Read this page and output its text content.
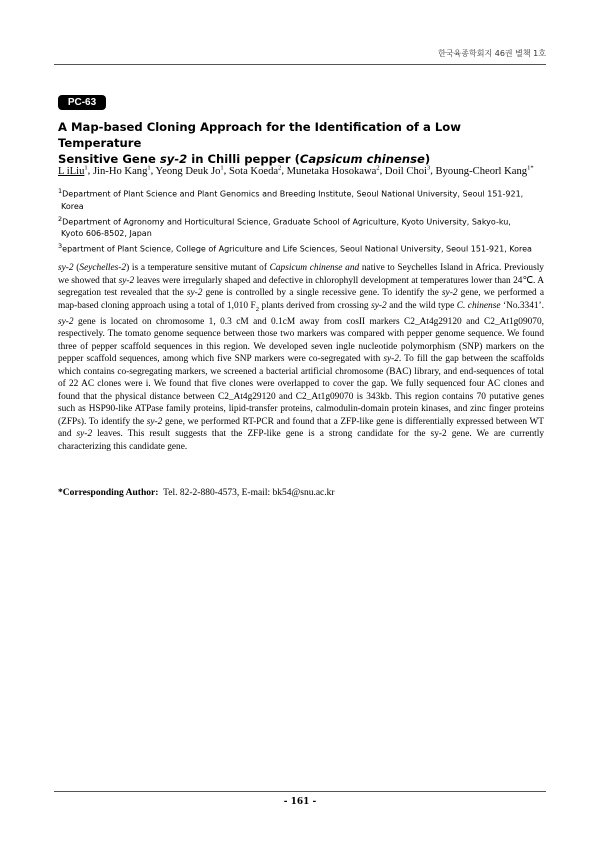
한국육종학회지 46권 별책 1호
PC-63
A Map-based Cloning Approach for the Identification of a Low Temperature
Sensitive Gene sy-2 in Chilli pepper (Capsicum chinense)
L iLiu$^1$, Jin-Ho Kang$^1$, Yeong Deuk Jo$^1$, Sota Koeda$^2$, Munetaka Hosokawa$^2$, Doil Choi$^3$, Byoung-Cheorl Kang$^{1*}$
$^1$Department of Plant Science and Plant Genomics and Breeding Institute, Seoul National University, Seoul 151-921,
Korea
$^2$Department of Agronomy and Horticultural Science, Graduate School of Agriculture, Kyoto University, Sakyo-ku,
Kyoto 606-8502, Japan
$^3$epartment of Plant Science, College of Agriculture and Life Sciences, Seoul National University, Seoul 151-921, Korea
sy-2 (Seychelles-2) is a temperature sensitive mutant of Capsicum chinense and native to Seychelles Island in Africa. Previously we showed that sy-2 leaves were irregularly shaped and defective in chlorophyll development at temperatures lower than 24℃. A segregation test revealed that the sy-2 gene is controlled by a single recessive gene. To identify the sy-2 gene, we performed a map-based cloning approach using a total of 1,010 $F_2$ plants derived from crossing sy-2 and the wild type C. chinense ‘No.3341’. sy-2 gene is located on chromosome 1, 0.3 cM and 0.1cM away from cosII markers C2_At4g29120 and C2_At1g09070, respectively. The tomato genome sequence between those two markers was compared with pepper genome sequence. We found three of pepper scaffold sequences in this region. We developed seven ingle nucleotide polymorphism (SNP) markers on the pepper scaffold sequences, among which five SNP markers were co-segregated with sy-2. To fill the gap between the scaffolds which contains co-segregating markers, we screened a bacterial artificial chromosome (BAC) library, and end-sequences of total of 22 AC clones were i. We found that five clones were overlapped to cover the gap. We fully sequenced four AC clones and found that the physical distance between C2_At4g29120 and C2_At1g09070 is 343kb. This region contains 70 putative genes such as HSP90-like ATPase family proteins, lipid-transfer proteins, calmodulin-domain protein kinases, and zinc finger proteins (ZFPs). To identify the sy-2 gene, we performed RT-PCR and found that a ZFP-like gene is differentially expressed between WT and sy-2 leaves. This result suggests that the ZFP-like gene is a strong candidate for the sy-2 gene. We are currently characterizing this candidate gene.
*Corresponding Author: Tel. 82-2-880-4573, E-mail: bk54@snu.ac.kr
- 161 -
